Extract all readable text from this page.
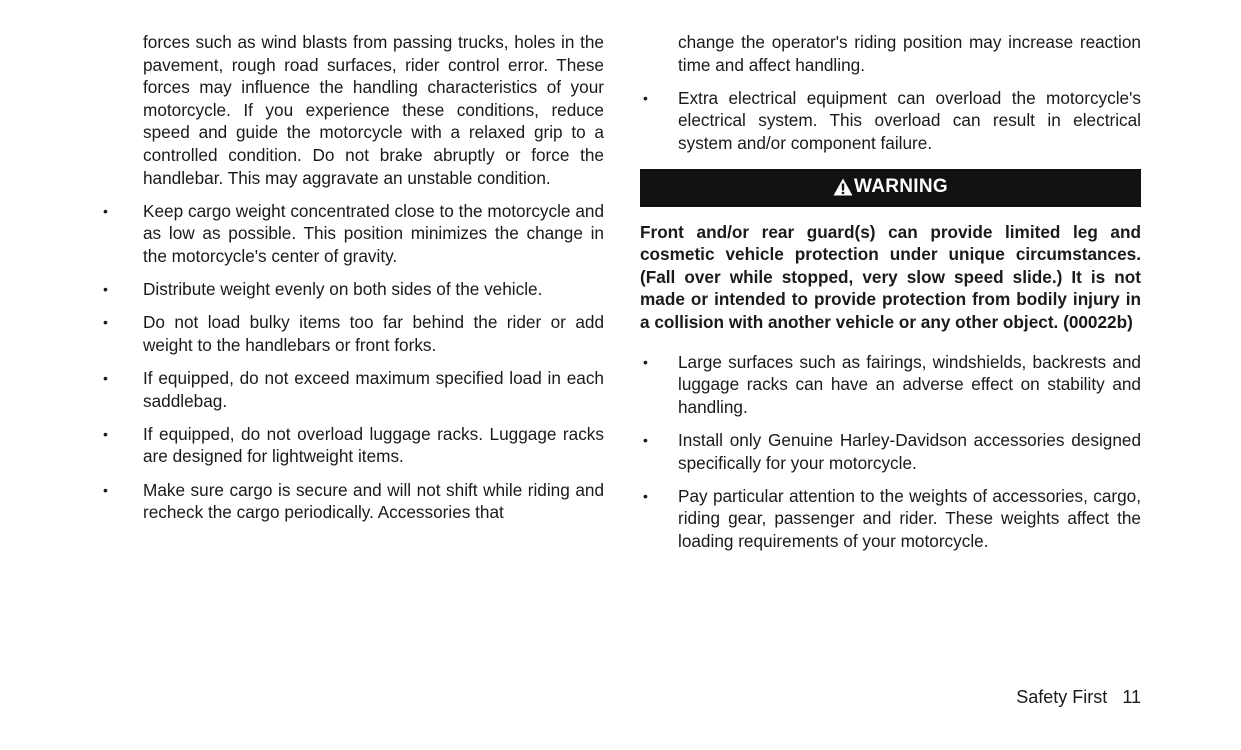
forces such as wind blasts from passing trucks, holes in the pavement, rough road surfaces, rider control error. These forces may influence the handling characteristics of your motorcycle. If you experience these conditions, reduce speed and guide the motorcycle with a relaxed grip to a controlled condition. Do not brake abruptly or force the handlebar. This may aggravate an unstable condition.

• Keep cargo weight concentrated close to the motorcycle and as low as possible. This position minimizes the change in the motorcycle's center of gravity.
• Distribute weight evenly on both sides of the vehicle.
• Do not load bulky items too far behind the rider or add weight to the handlebars or front forks.
• If equipped, do not exceed maximum specified load in each saddlebag.
• If equipped, do not overload luggage racks. Luggage racks are designed for lightweight items.
• Make sure cargo is secure and will not shift while riding and recheck the cargo periodically. Accessories that

change the operator's riding position may increase reaction time and affect handling.

• Extra electrical equipment can overload the motorcycle's electrical system. This overload can result in electrical system and/or component failure.
WARNING

Front and/or rear guard(s) can provide limited leg and cosmetic vehicle protection under unique circumstances. (Fall over while stopped, very slow speed slide.) It is not made or intended to provide protection from bodily injury in a collision with another vehicle or any other object. (00022b)

• Large surfaces such as fairings, windshields, backrests and luggage racks can have an adverse effect on stability and handling.
• Install only Genuine Harley-Davidson accessories designed specifically for your motorcycle.
• Pay particular attention to the weights of accessories, cargo, riding gear, passenger and rider. These weights affect the loading requirements of your motorcycle.
Safety First 11
